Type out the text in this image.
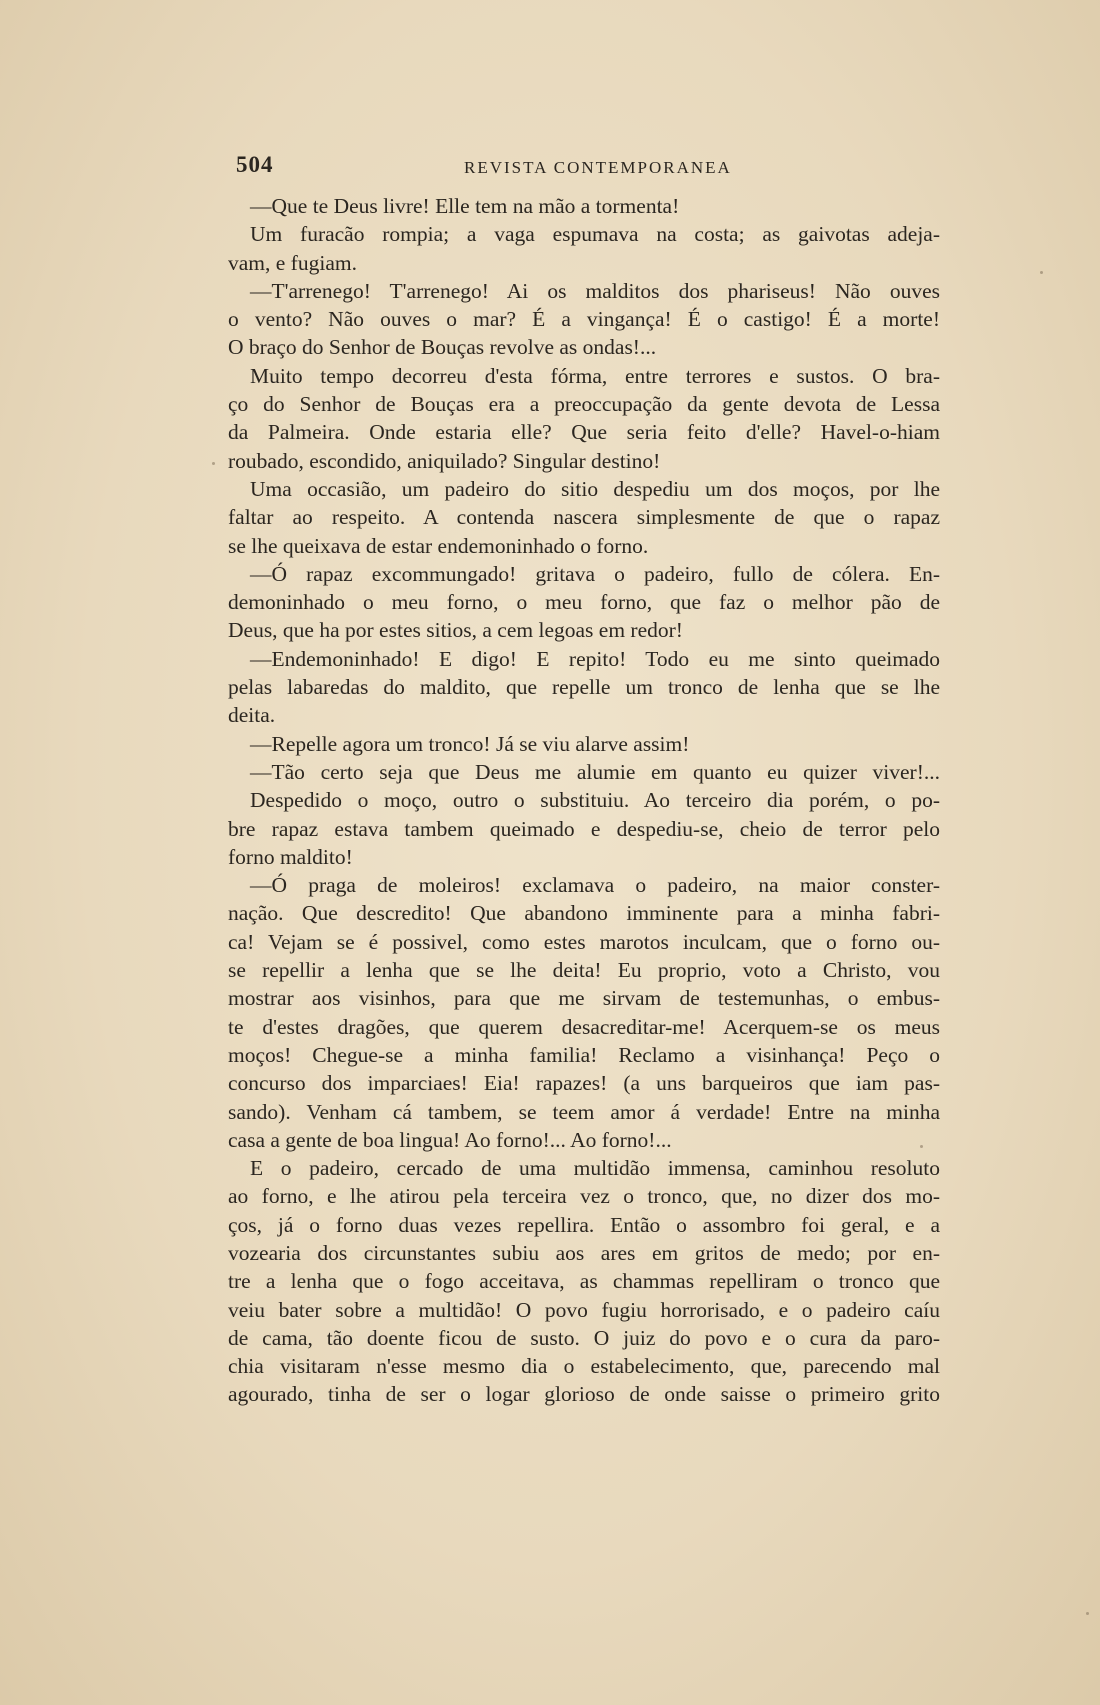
504	REVISTA CONTEMPORANEA
—Que te Deus livre! Elle tem na mão a tormenta!
Um furacão rompia; a vaga espumava na costa; as gaivotas adeja-
vam, e fugiam.
—T'arrenego! T'arrenego! Ai os malditos dos phariseus! Não ouves
o vento? Não ouves o mar? É a vingança! É o castigo! É a morte!
O braço do Senhor de Bouças revolve as ondas!...
Muito tempo decorreu d'esta fórma, entre terrores e sustos. O bra-
ço do Senhor de Bouças era a preoccupação da gente devota de Lessa
da Palmeira. Onde estaria elle? Que seria feito d'elle? Havel-o-hiam
roubado, escondido, aniquilado? Singular destino!
Uma occasião, um padeiro do sitio despediu um dos moços, por lhe
faltar ao respeito. A contenda nascera simplesmente de que o rapaz
se lhe queixava de estar endemoninhado o forno.
—Ó rapaz excommungado! gritava o padeiro, fullo de cólera. En-
demoninhado o meu forno, o meu forno, que faz o melhor pão de
Deus, que ha por estes sitios, a cem legoas em redor!
—Endemoninhado! E digo! E repito! Todo eu me sinto queimado
pelas labaredas do maldito, que repelle um tronco de lenha que se lhe
deita.
—Repelle agora um tronco! Já se viu alarve assim!
—Tão certo seja que Deus me alumie em quanto eu quizer viver!...
Despedido o moço, outro o substituiu. Ao terceiro dia porém, o po-
bre rapaz estava tambem queimado e despediu-se, cheio de terror pelo
forno maldito!
—Ó praga de moleiros! exclamava o padeiro, na maior conster-
nação. Que descredito! Que abandono imminente para a minha fabri-
ca! Vejam se é possivel, como estes marotos inculcam, que o forno ou-
se repellir a lenha que se lhe deita! Eu proprio, voto a Christo, vou
mostrar aos visinhos, para que me sirvam de testemunhas, o embus-
te d'estes dragões, que querem desacreditar-me! Acerquem-se os meus
moços! Chegue-se a minha familia! Reclamo a visinhança! Peço o
concurso dos imparciaes! Eia! rapazes! (a uns barqueiros que iam pas-
sando). Venham cá tambem, se teem amor á verdade! Entre na minha
casa a gente de boa lingua! Ao forno!... Ao forno!...
E o padeiro, cercado de uma multidão immensa, caminhou resoluto
ao forno, e lhe atirou pela terceira vez o tronco, que, no dizer dos mo-
ços, já o forno duas vezes repellira. Então o assombro foi geral, e a
vozearia dos circunstantes subiu aos ares em gritos de medo; por en-
tre a lenha que o fogo acceitava, as chammas repelliram o tronco que
veiu bater sobre a multidão! O povo fugiu horrorisado, e o padeiro caíu
de cama, tão doente ficou de susto. O juiz do povo e o cura da paro-
chia visitaram n'esse mesmo dia o estabelecimento, que, parecendo mal
agourado, tinha de ser o logar glorioso de onde saisse o primeiro grito
